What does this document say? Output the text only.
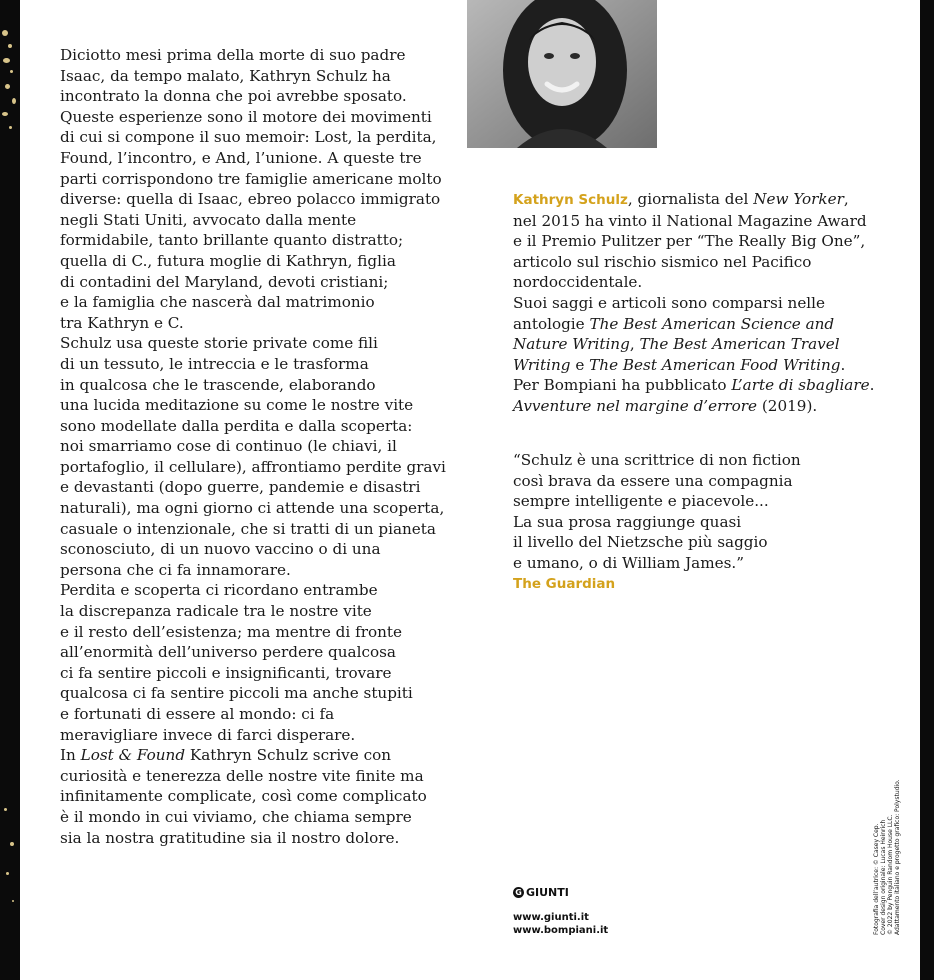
Diciotto mesi prima della morte di suo padre
Isaac, da tempo malato, Kathryn Schulz ha
incontrato la donna che poi avrebbe sposato.
Queste esperienze sono il motore dei movimenti
di cui si compone il suo memoir: Lost, la perdita,
Found, l’incontro, e And, l’unione. A queste tre
parti corrispondono tre famiglie americane molto
diverse: quella di Isaac, ebreo polacco immigrato
negli Stati Uniti, avvocato dalla mente
formidabile, tanto brillante quanto distratto;
quella di C., futura moglie di Kathryn, figlia
di contadini del Maryland, devoti cristiani;
e la famiglia che nascerà dal matrimonio
tra Kathryn e C.
Schulz usa queste storie private come fili
di un tessuto, le intreccia e le trasforma
in qualcosa che le trascende, elaborando
una lucida meditazione su come le nostre vite
sono modellate dalla perdita e dalla scoperta:
noi smarriamo cose di continuo (le chiavi, il
portafoglio, il cellulare), affrontiamo perdite gravi
e devastanti (dopo guerre, pandemie e disastri
naturali), ma ogni giorno ci attende una scoperta,
casuale o intenzionale, che si tratti di un pianeta
sconosciuto, di un nuovo vaccino o di una
persona che ci fa innamorare.
Perdita e scoperta ci ricordano entrambe
la discrepanza radicale tra le nostre vite
e il resto dell’esistenza; ma mentre di fronte
all’enormità dell’universo perdere qualcosa
ci fa sentire piccoli e insignificanti, trovare
qualcosa ci fa sentire piccoli ma anche stupiti
e fortunati di essere al mondo: ci fa
meravigliare invece di farci disperare.
In Lost & Found Kathryn Schulz scrive con
curiosità e tenerezza delle nostre vite finite ma
infinitamente complicate, così come complicato
è il mondo in cui viviamo, che chiama sempre
sia la nostra gratitudine sia il nostro dolore.
Kathryn Schulz, giornalista del New Yorker,
nel 2015 ha vinto il National Magazine Award
e il Premio Pulitzer per “The Really Big One”,
articolo sul rischio sismico nel Pacifico
nordoccidentale.
Suoi saggi e articoli sono comparsi nelle
antologie The Best American Science and
Nature Writing, The Best American Travel
Writing e The Best American Food Writing.
Per Bompiani ha pubblicato L’arte di sbagliare.
Avventure nel margine d’errore (2019).
“Schulz è una scrittrice di non fiction
così brava da essere una compagnia
sempre intelligente e piacevole...
La sua prosa raggiunge quasi
il livello del Nietzsche più saggio
e umano, o di William James.”
The Guardian
G GIUNTI
www.giunti.it
www.bompiani.it	Fotografia dell’autrice: © Casey Cep. Cover design originale: Lucas Heinrich © 2022 by Penguin Random House LLC. Adattamento italiano e progetto grafico: Polystudio.
